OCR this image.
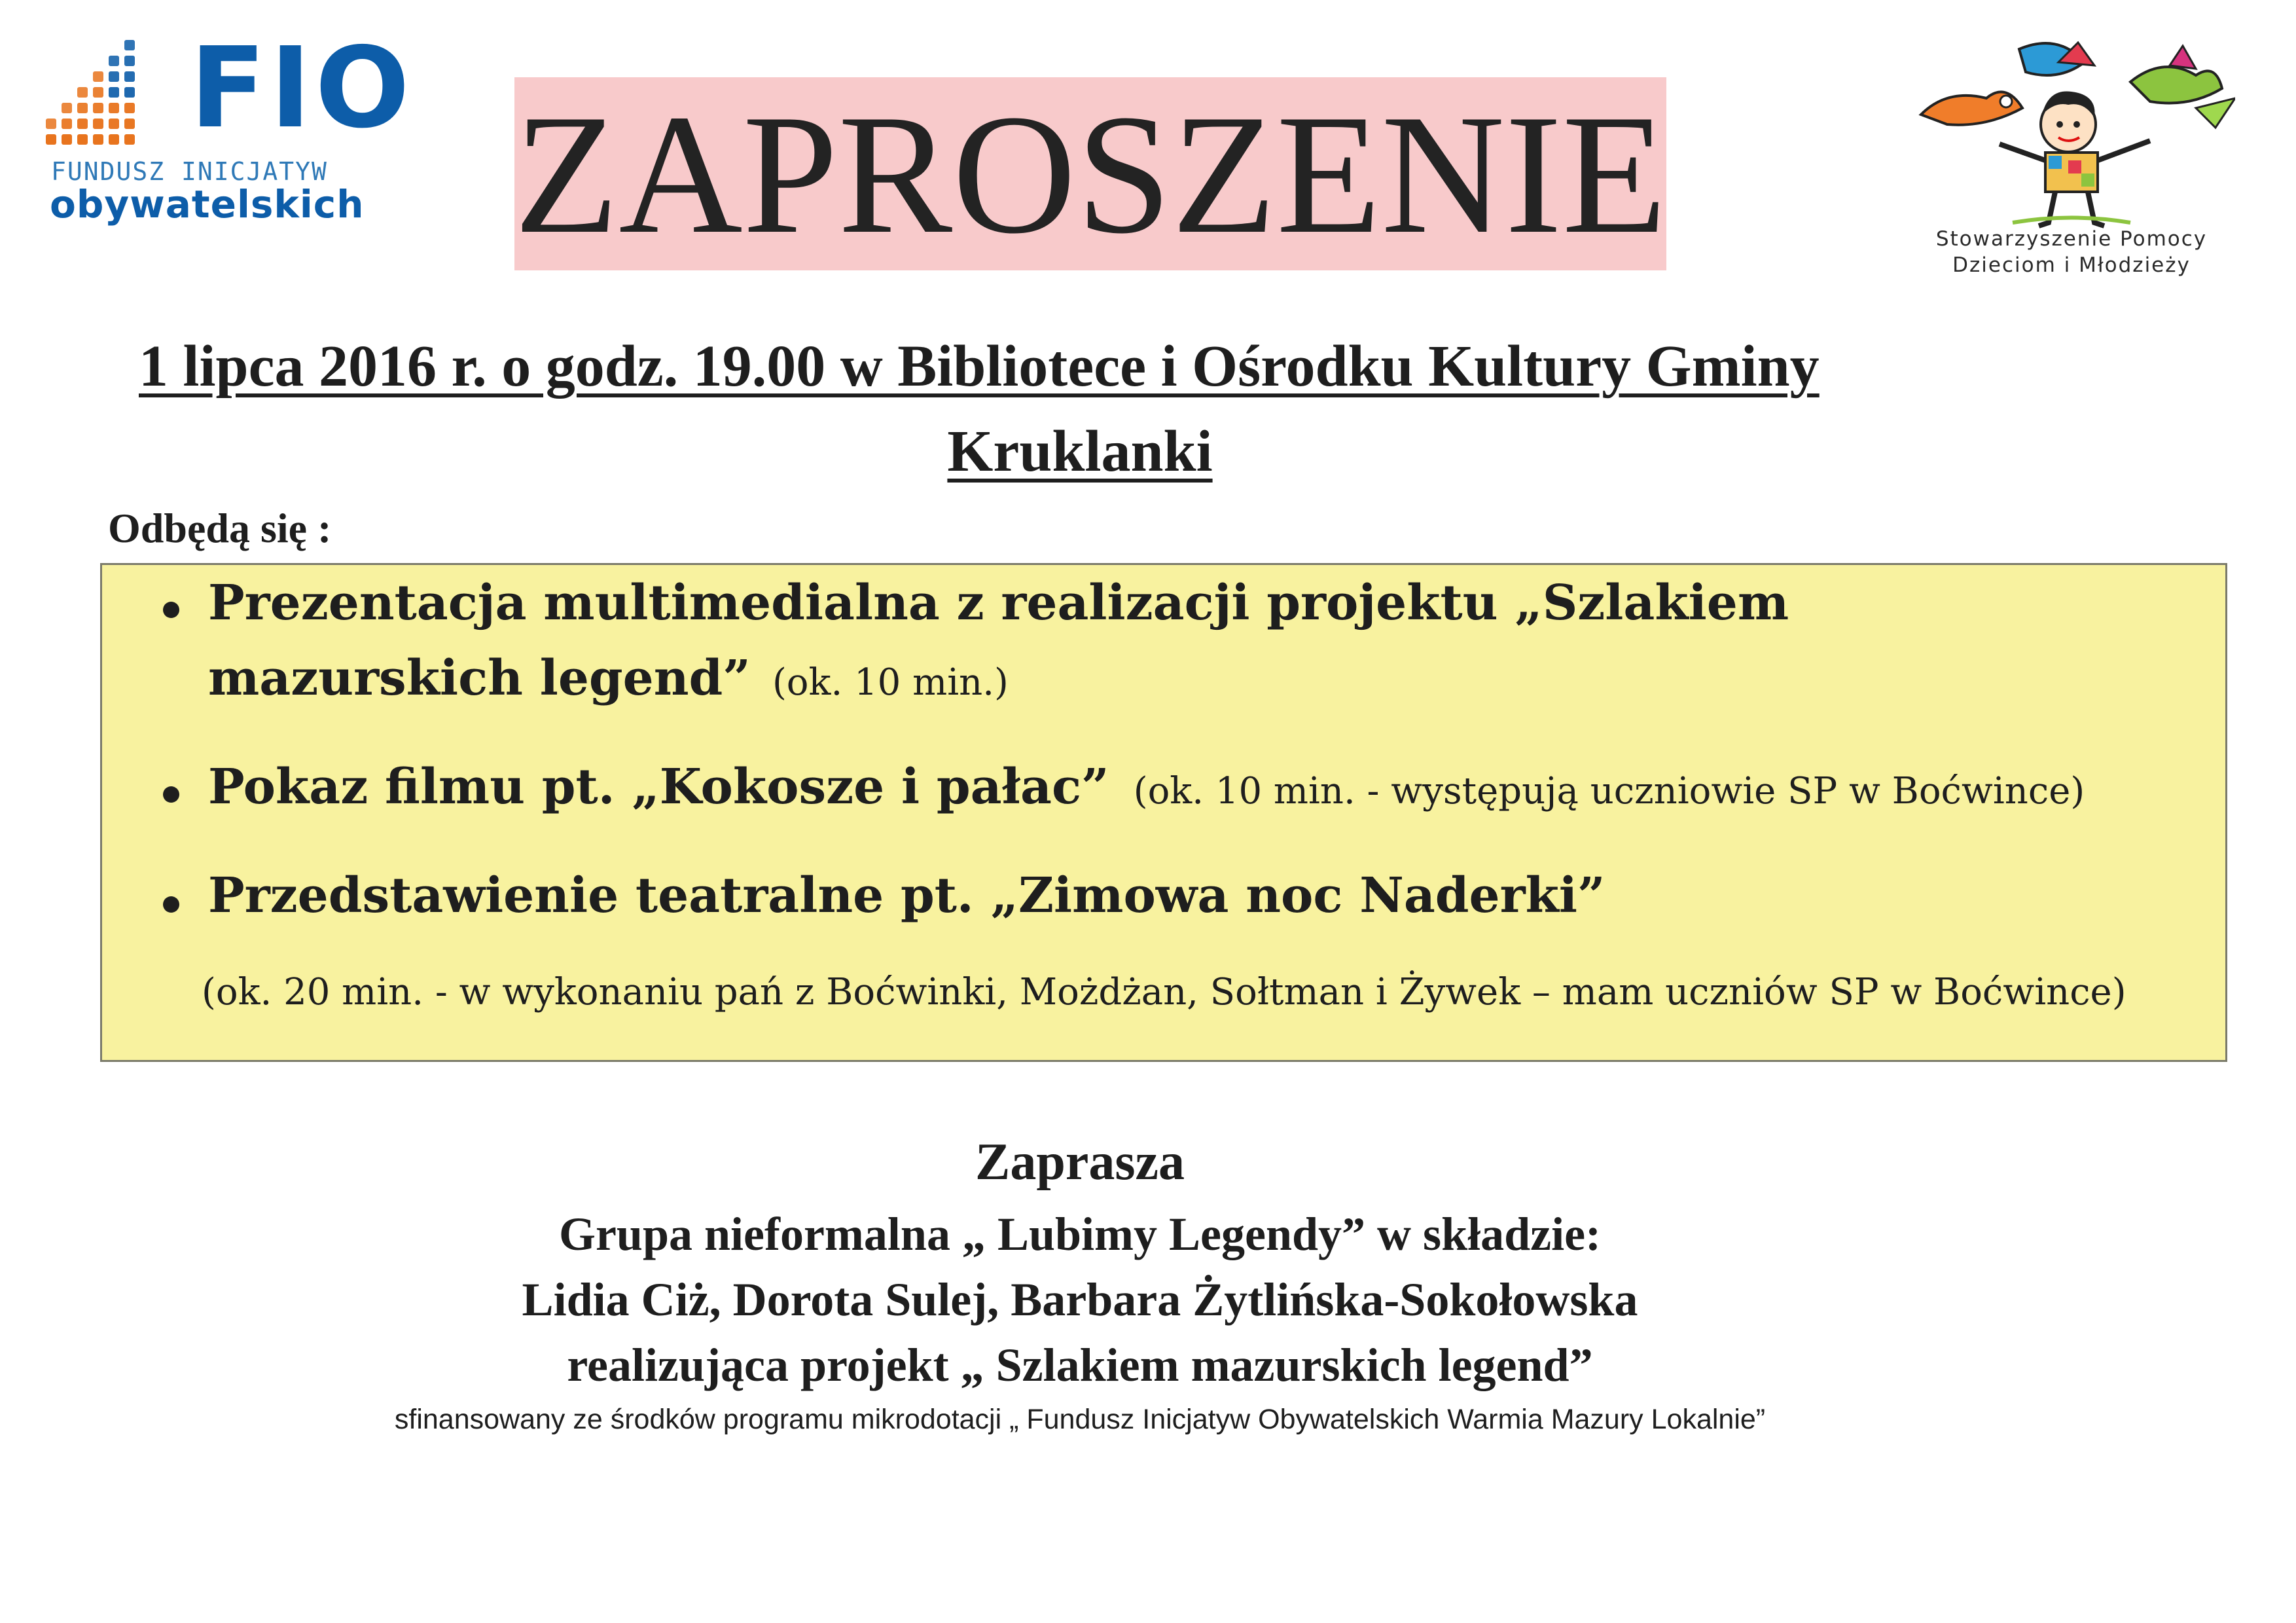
FIO
FUNDUSZ INICJATYW
obywatelskich ZAPROSZENIE	Stowarzyszenie Pomocy
Dzieciom i Młodzieży
1 lipca 2016 r. o godz. 19.00 w Bibliotece i Ośrodku Kultury Gminy
Kruklanki
Odbędą się :
Prezentacja multimedialna z realizacji projektu „Szlakiem
mazurskich legend” (ok. 10 min.)
Pokaz filmu pt. „Kokosze i pałac” (ok. 10 min. - występują uczniowie SP w Boćwince)
Przedstawienie teatralne pt. „Zimowa noc Naderki”
(ok. 20 min. - w wykonaniu pań z Boćwinki, Możdżan, Sołtman i Żywek – mam uczniów SP w Boćwince)
Zaprasza
Grupa nieformalna „ Lubimy Legendy” w składzie:
Lidia Ciż, Dorota Sulej, Barbara Żytlińska-Sokołowska
realizująca projekt „ Szlakiem mazurskich legend”
sfinansowany ze środków programu mikrodotacji „ Fundusz Inicjatyw Obywatelskich Warmia Mazury Lokalnie”
